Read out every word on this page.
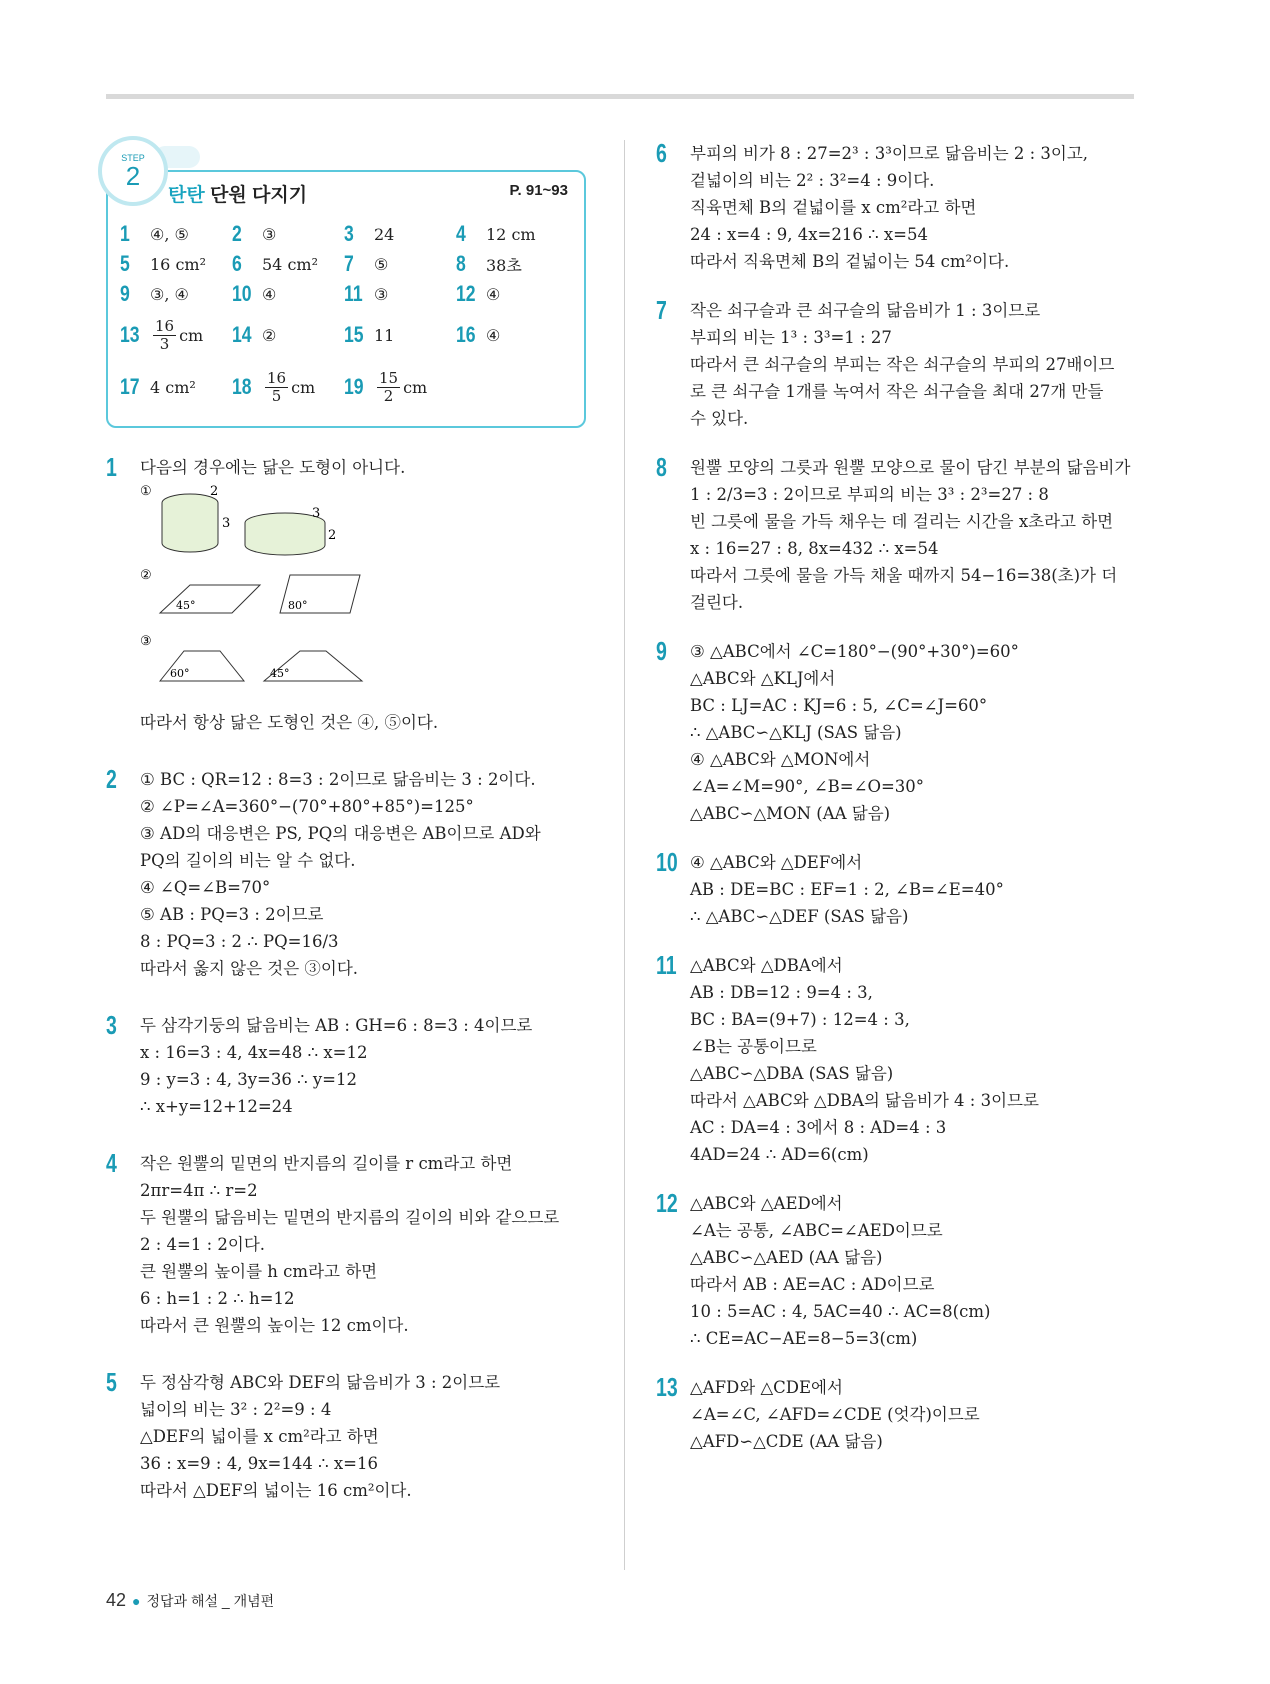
STEP
2
탄탄 단원 다지기	P. 91~93
1	④, ⑤ 2	③	3	24	4	12 cm
5	16 cm² 6	54 cm² 7	⑤	8	38초
9	③, ④ 10 ④	11 ③	12 ④
$13 \frac{16}{3}$ cm 14 ②	15 11	16 ④
17 4 cm² $18 \frac{16}{5}$ cm $19 \frac{15}{2}$ cm
1 다음의 경우에는 닮은 도형이 아니다.
①	2
3
3
2
②
45°	80°
③
60°	45°
따라서 항상 닮은 도형인 것은 ④, ⑤이다.
2 ① BC : QR=12 : 8=3 : 2이므로 닮음비는 3 : 2이다.
② ∠P=∠A=360°−(70°+80°+85°)=125°
③ AD의 대응변은 PS, PQ의 대응변은 AB이므로 AD와
PQ의 길이의 비는 알 수 없다.
④ ∠Q=∠B=70°
⑤ AB : PQ=3 : 2이므로
8 : PQ=3 : 2 ∴ PQ=16/3
따라서 옳지 않은 것은 ③이다.
3 두 삼각기둥의 닮음비는 AB : GH=6 : 8=3 : 4이므로
x : 16=3 : 4, 4x=48 ∴ x=12
9 : y=3 : 4, 3y=36 ∴ y=12
∴ x+y=12+12=24
4 작은 원뿔의 밑면의 반지름의 길이를 r cm라고 하면
2πr=4π ∴ r=2
두 원뿔의 닮음비는 밑면의 반지름의 길이의 비와 같으므로
2 : 4=1 : 2이다.
큰 원뿔의 높이를 h cm라고 하면
6 : h=1 : 2 ∴ h=12
따라서 큰 원뿔의 높이는 12 cm이다.
5 두 정삼각형 ABC와 DEF의 닮음비가 3 : 2이므로
넓이의 비는 3² : 2²=9 : 4
△DEF의 넓이를 x cm²라고 하면
36 : x=9 : 4, 9x=144 ∴ x=16
따라서 △DEF의 넓이는 16 cm²이다.
6 부피의 비가 8 : 27=2³ : 3³이므로 닮음비는 2 : 3이고,
겉넓이의 비는 2² : 3²=4 : 9이다.
직육면체 B의 겉넓이를 x cm²라고 하면
24 : x=4 : 9, 4x=216 ∴ x=54
따라서 직육면체 B의 겉넓이는 54 cm²이다.
7 작은 쇠구슬과 큰 쇠구슬의 닮음비가 1 : 3이므로
부피의 비는 1³ : 3³=1 : 27
따라서 큰 쇠구슬의 부피는 작은 쇠구슬의 부피의 27배이므
로 큰 쇠구슬 1개를 녹여서 작은 쇠구슬을 최대 27개 만들
수 있다.
8 원뿔 모양의 그릇과 원뿔 모양으로 물이 담긴 부분의 닮음비가
1 : 2/3=3 : 2이므로 부피의 비는 3³ : 2³=27 : 8
빈 그릇에 물을 가득 채우는 데 걸리는 시간을 x초라고 하면
x : 16=27 : 8, 8x=432 ∴ x=54
따라서 그릇에 물을 가득 채울 때까지 54−16=38(초)가 더
걸린다.
9 ③ △ABC에서 ∠C=180°−(90°+30°)=60°
△ABC와 △KLJ에서
BC : LJ=AC : KJ=6 : 5, ∠C=∠J=60°
∴ △ABC∽△KLJ (SAS 닮음)
④ △ABC와 △MON에서
∠A=∠M=90°, ∠B=∠O=30°
△ABC∽△MON (AA 닮음)
10 ④ △ABC와 △DEF에서
AB : DE=BC : EF=1 : 2, ∠B=∠E=40°
∴ △ABC∽△DEF (SAS 닮음)
11 △ABC와 △DBA에서
AB : DB=12 : 9=4 : 3,
BC : BA=(9+7) : 12=4 : 3,
∠B는 공통이므로
△ABC∽△DBA (SAS 닮음)
따라서 △ABC와 △DBA의 닮음비가 4 : 3이므로
AC : DA=4 : 3에서 8 : AD=4 : 3
4AD=24 ∴ AD=6(cm)
12 △ABC와 △AED에서
∠A는 공통, ∠ABC=∠AED이므로
△ABC∽△AED (AA 닮음)
따라서 AB : AE=AC : AD이므로
10 : 5=AC : 4, 5AC=40 ∴ AC=8(cm)
∴ CE=AC−AE=8−5=3(cm)
13 △AFD와 △CDE에서
∠A=∠C, ∠AFD=∠CDE (엇각)이므로
△AFD∽△CDE (AA 닮음)
42 ● 정답과 해설 _ 개념편
